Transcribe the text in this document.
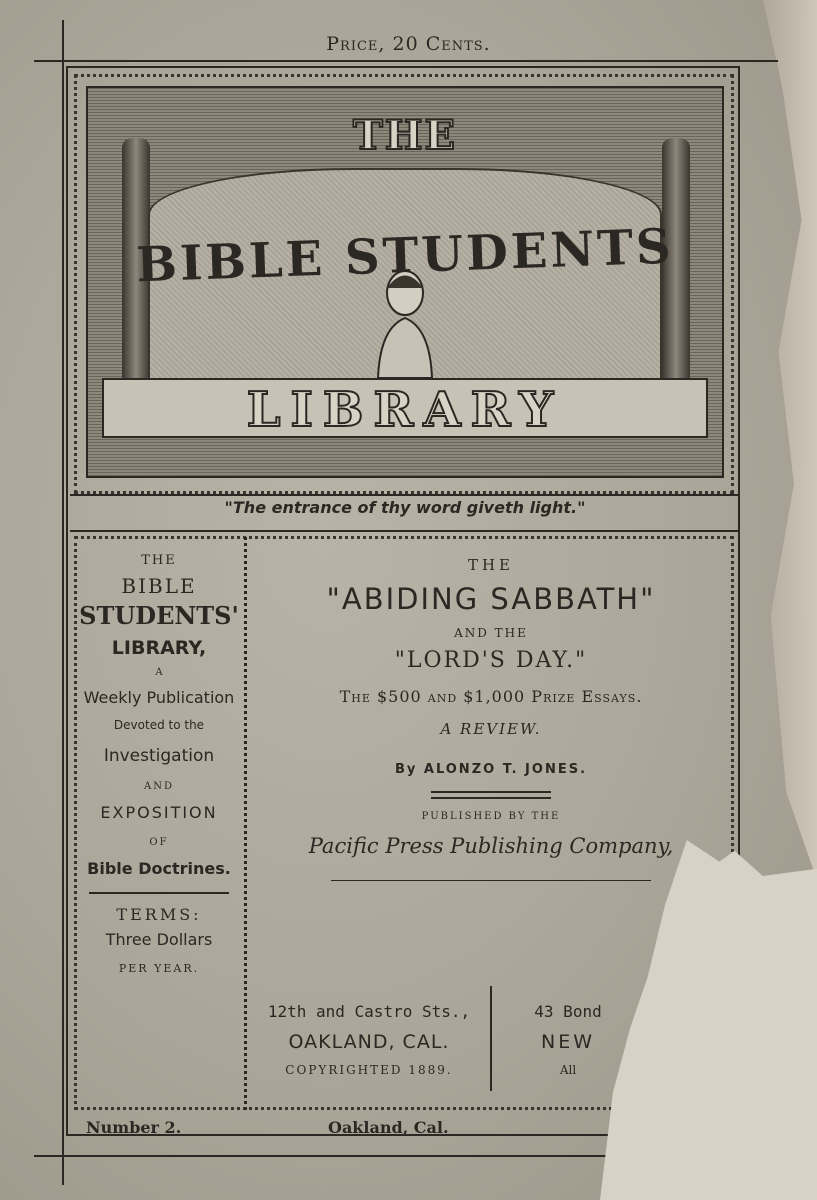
Price, 20 Cents.
THE
BIBLE STUDENTS
LIBRARY
"The entrance of thy word giveth light."
THE
BIBLE
STUDENTS'
LIBRARY,
A
Weekly Publication
Devoted to the
Investigation
AND
EXPOSITION
OF
Bible Doctrines.
TERMS:
Three Dollars
PER YEAR.
THE
"ABIDING SABBATH"
AND THE
"LORD'S DAY."
The $500 and $1,000 Prize Essays.
A REVIEW.
By ALONZO T. JONES.
PUBLISHED BY THE
Pacific Press Publishing Company,
12th and Castro Sts.,
OAKLAND, CAL.
COPYRIGHTED 1889.
43 Bond
NEW
All
Number 2.	Oakland, Cal.
